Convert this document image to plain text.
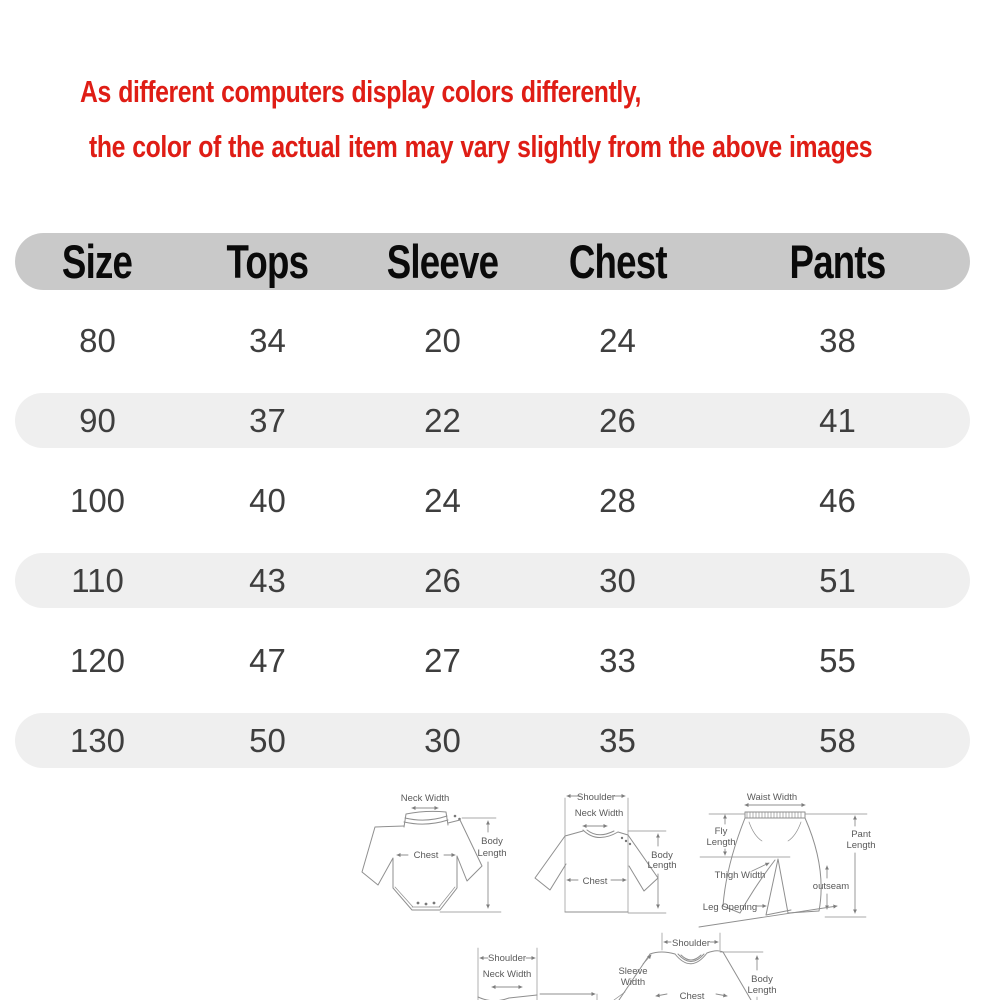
As different computers display colors differently,
the color of the actual item may vary slightly from the above images
Size	Tops	Sleeve	Chest	Pants
80	34	20	24	38
90	37	22	26	41
100	40	24	28	46
110	43	26	30	51
120	47	27	33	55
130	50	30	35	58
Neck Width
Chest
Body
Length
Shoulder
Neck Width
Chest
Body
Length
Waist Width
Fly
Length
Thigh Width
outseam
Leg Opening
Pant
Length
Shoulder
Neck Width
Shoulder
Sleeve
Width	Body
Length
Chest
